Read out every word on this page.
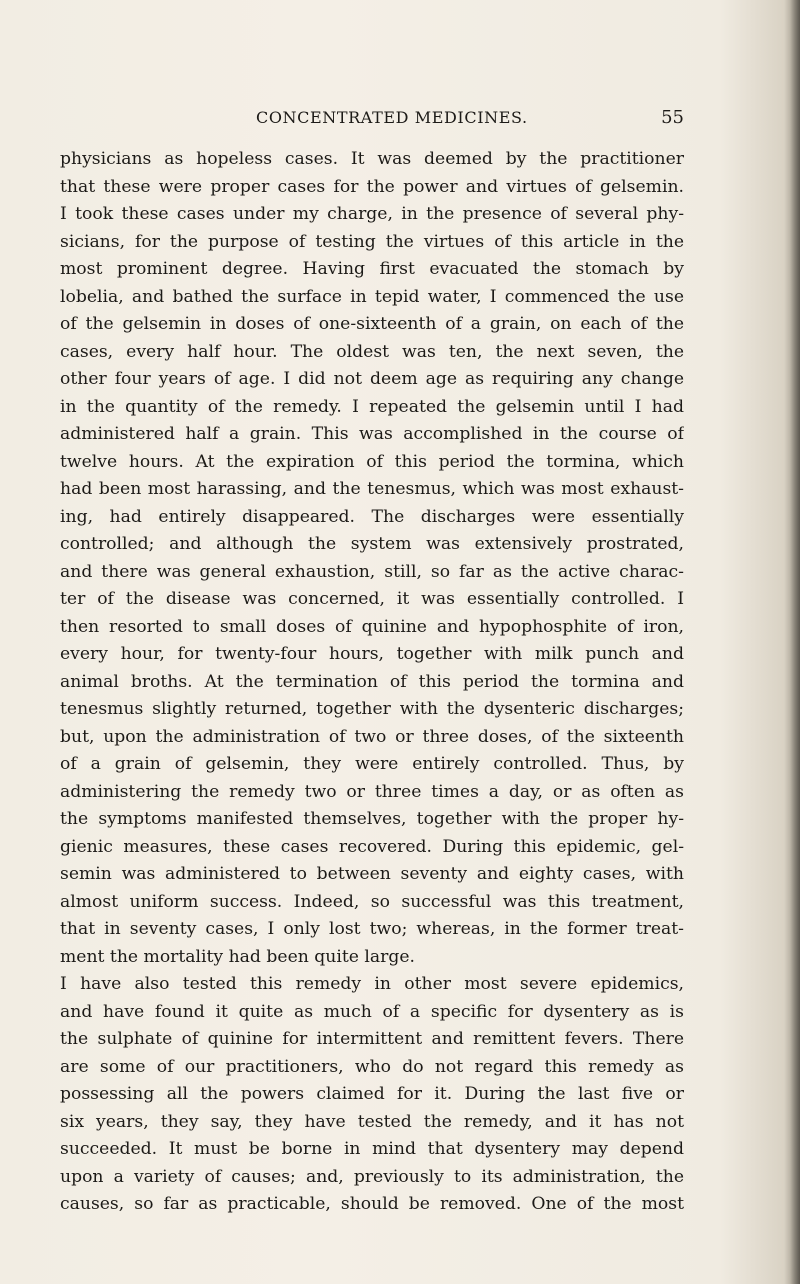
CONCENTRATED MEDICINES.	55
physicians as hopeless cases. It was deemed by the practitioner
that these were proper cases for the power and virtues of gelsemin.
I took these cases under my charge, in the presence of several phy-
sicians, for the purpose of testing the virtues of this article in the
most prominent degree. Having first evacuated the stomach by
lobelia, and bathed the surface in tepid water, I commenced the use
of the gelsemin in doses of one-sixteenth of a grain, on each of the
cases, every half hour. The oldest was ten, the next seven, the
other four years of age. I did not deem age as requiring any change
in the quantity of the remedy. I repeated the gelsemin until I had
administered half a grain. This was accomplished in the course of
twelve hours. At the expiration of this period the tormina, which
had been most harassing, and the tenesmus, which was most exhaust-
ing, had entirely disappeared. The discharges were essentially
controlled; and although the system was extensively prostrated,
and there was general exhaustion, still, so far as the active charac-
ter of the disease was concerned, it was essentially controlled. I
then resorted to small doses of quinine and hypophosphite of iron,
every hour, for twenty-four hours, together with milk punch and
animal broths. At the termination of this period the tormina and
tenesmus slightly returned, together with the dysenteric discharges;
but, upon the administration of two or three doses, of the sixteenth
of a grain of gelsemin, they were entirely controlled. Thus, by
administering the remedy two or three times a day, or as often as
the symptoms manifested themselves, together with the proper hy-
gienic measures, these cases recovered. During this epidemic, gel-
semin was administered to between seventy and eighty cases, with
almost uniform success. Indeed, so successful was this treatment,
that in seventy cases, I only lost two; whereas, in the former treat-
ment the mortality had been quite large.
I have also tested this remedy in other most severe epidemics,
and have found it quite as much of a specific for dysentery as is
the sulphate of quinine for intermittent and remittent fevers. There
are some of our practitioners, who do not regard this remedy as
possessing all the powers claimed for it. During the last five or
six years, they say, they have tested the remedy, and it has not
succeeded. It must be borne in mind that dysentery may depend
upon a variety of causes; and, previously to its administration, the
causes, so far as practicable, should be removed. One of the most
